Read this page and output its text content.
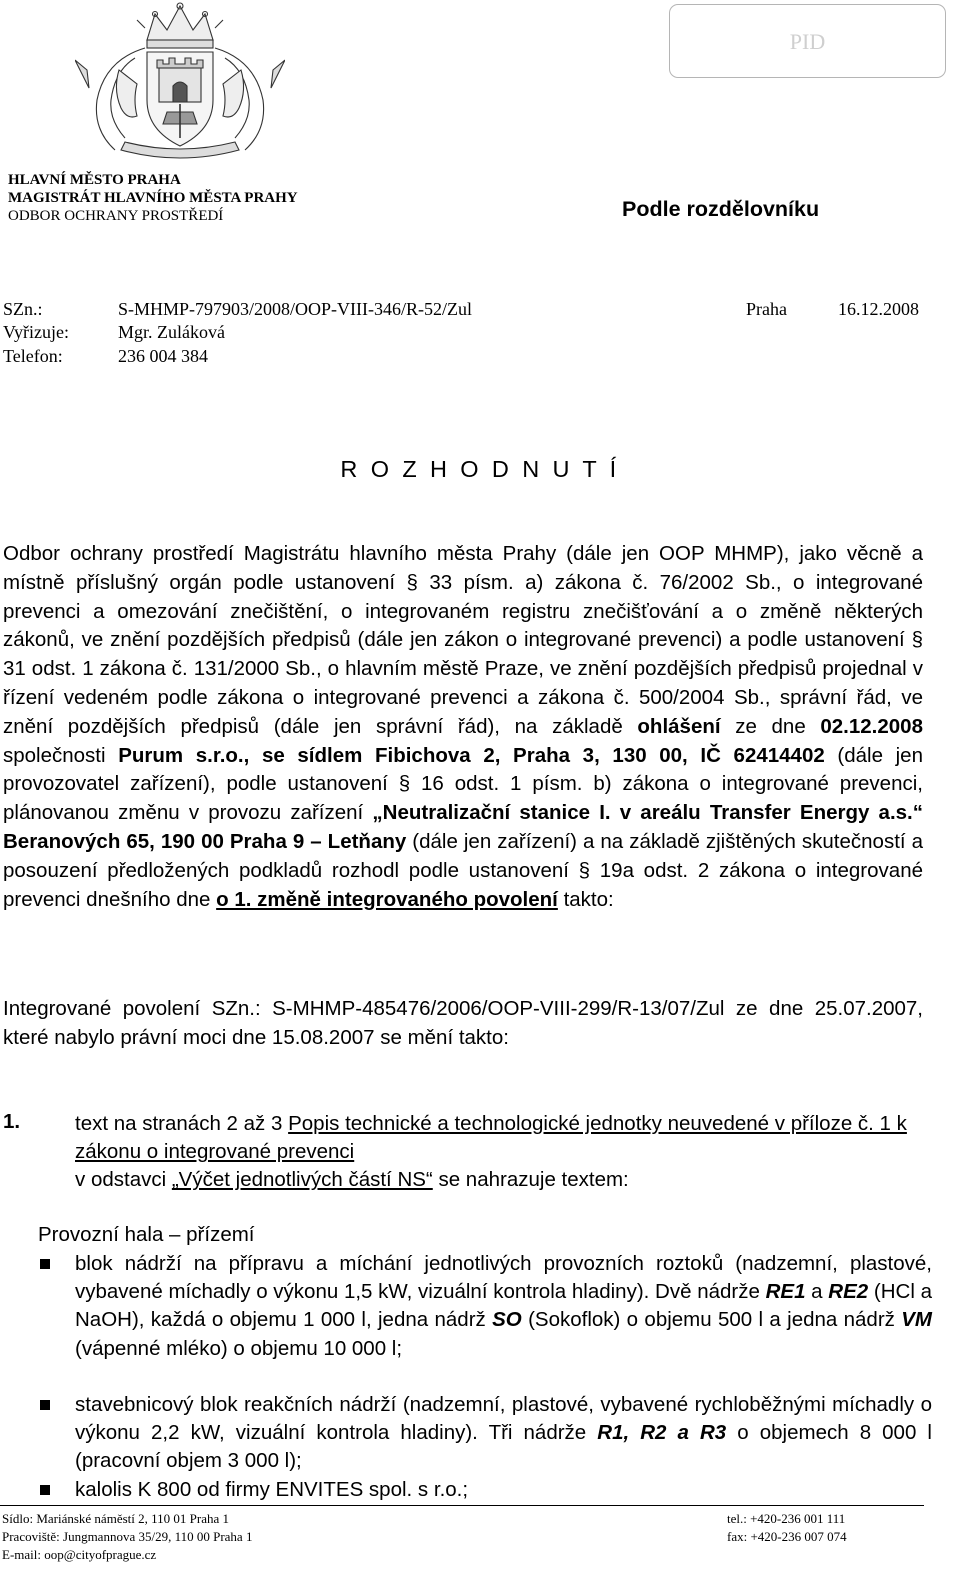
PID
HLAVNÍ MĚSTO PRAHA
MAGISTRÁT HLAVNÍHO MĚSTA PRAHY
ODBOR OCHRANY PROSTŘEDÍ	Podle rozdělovníku
SZn.:	S-MHMP-797903/2008/OOP-VIII-346/R-52/Zul	Praha	16.12.2008
Vyřizuje:	Mgr. Zuláková
Telefon:	236 004 384
R O Z H O D N U T Í

Odbor ochrany prostředí Magistrátu hlavního města Prahy (dále jen OOP MHMP), jako věcně a místně příslušný orgán podle ustanovení § 33 písm. a) zákona č. 76/2002 Sb., o integrované prevenci a omezování znečištění, o integrovaném registru znečišťování a o změně některých zákonů, ve znění pozdějších předpisů (dále jen zákon o integrované prevenci) a podle ustanovení § 31 odst. 1 zákona č. 131/2000 Sb., o hlavním městě Praze, ve znění pozdějších předpisů projednal v řízení vedeném podle zákona o integrované prevenci a zákona č. 500/2004 Sb., správní řád, ve znění pozdějších předpisů (dále jen správní řád), na základě ohlášení ze dne 02.12.2008 společnosti Purum s.r.o., se sídlem Fibichova 2, Praha 3, 130 00, IČ 62414402 (dále jen provozovatel zařízení), podle ustanovení § 16 odst. 1 písm. b) zákona o integrované prevenci, plánovanou změnu v provozu zařízení „Neutralizační stanice I. v areálu Transfer Energy a.s.“ Beranových 65, 190 00 Praha 9 – Letňany (dále jen zařízení) a na základě zjištěných skutečností a posouzení předložených podkladů rozhodl podle ustanovení § 19a odst. 2 zákona o integrované prevenci dnešního dne o 1. změně integrovaného povolení takto:

Integrované povolení SZn.: S-MHMP-485476/2006/OOP-VIII-299/R-13/07/Zul ze dne 25.07.2007, které nabylo právní moci dne 15.08.2007 se mění takto:

1.	text na stranách 2 až 3 Popis technické a technologické jednotky neuvedené v příloze č. 1 k zákonu o integrované prevenci
v odstavci „Výčet jednotlivých částí NS“ se nahrazuje textem:
Provozní hala – přízemí
blok nádrží na přípravu a míchání jednotlivých provozních roztoků (nadzemní, plastové, vybavené míchadly o výkonu 1,5 kW, vizuální kontrola hladiny). Dvě nádrže RE1 a RE2 (HCl a NaOH), každá o objemu 1 000 l, jedna nádrž SO (Sokoflok) o objemu 500 l a jedna nádrž VM (vápenné mléko) o objemu 10 000 l;
stavebnicový blok reakčních nádrží (nadzemní, plastové, vybavené rychloběžnými míchadly o výkonu 2,2 kW, vizuální kontrola hladiny). Tři nádrže R1, R2 a R3 o objemech 8 000 l (pracovní objem 3 000 l);
kalolis K 800 od firmy ENVITES spol. s r.o.;
Sídlo: Mariánské náměstí 2, 110 01 Praha 1
Pracoviště: Jungmannova 35/29, 110 00 Praha 1
E-mail: oop@cityofprague.cz
tel.: +420-236 001 111
fax: +420-236 007 074
